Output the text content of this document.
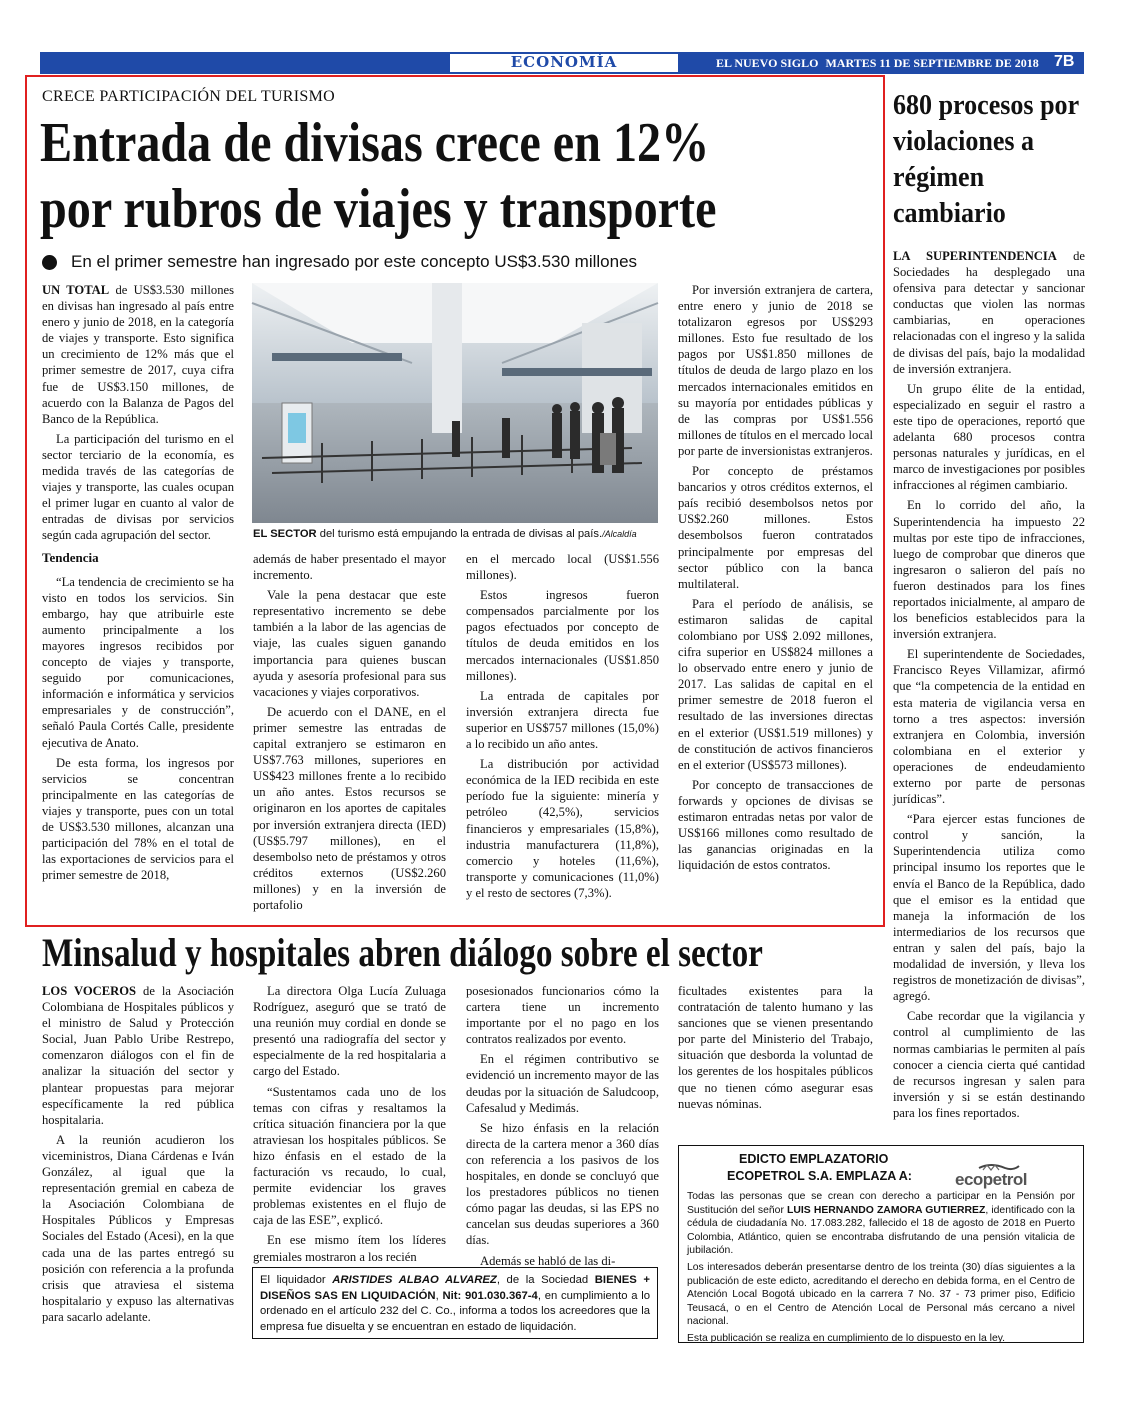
ECONOMÍA	EL NUEVO SIGLO MARTES 11 DE SEPTIEMBRE DE 2018 7B
CRECE PARTICIPACIÓN DEL TURISMO
Entrada de divisas crece en 12%
por rubros de viajes y transporte
En el primer semestre han ingresado por este concepto US$3.530 millones

UN TOTAL de US$3.530 millones en divisas han ingresado al país entre enero y junio de 2018, en la categoría de viajes y transporte. Esto significa un crecimiento de 12% más que el primer semestre de 2017, cuya cifra fue de US$3.150 millones, de acuerdo con la Balanza de Pagos del Banco de la República.

La participación del turismo en el sector terciario de la economía, es medida través de las categorías de viajes y transporte, las cuales ocupan el primer lugar en cuanto al valor de entradas de divisas por servicios según cada agrupación del sector.

Tendencia

“La tendencia de crecimiento se ha visto en todos los servicios. Sin embargo, hay que atribuirle este aumento principalmente a los mayores ingresos recibidos por concepto de viajes y transporte, seguido por comunicaciones, información e informática y servicios empresariales y de construcción”, señaló Paula Cortés Calle, presidente ejecutiva de Anato.

De esta forma, los ingresos por servicios se concentran principalmente en las categorías de viajes y transporte, pues con un total de US$3.530 millones, alcanzan una participación del 78% en el total de las exportaciones de servicios para el primer semestre de 2018,

EL SECTOR del turismo está empujando la entrada de divisas al país./Alcaldía

además de haber presentado el mayor incremento.

Vale la pena destacar que este representativo incremento se debe también a la labor de las agencias de viaje, las cuales siguen ganando importancia para quienes buscan ayuda y asesoría profesional para sus vacaciones y viajes corporativos.

De acuerdo con el DANE, en el primer semestre las entradas de capital extranjero se estimaron en US$7.763 millones, superiores en US$423 millones frente a lo recibido un año antes. Estos recursos se originaron en los aportes de capitales por inversión extranjera directa (IED) (US$5.797 millones), en el desembolso neto de préstamos y otros créditos externos (US$2.260 millones) y en la inversión de portafolio

en el mercado local (US$1.556 millones).

Estos ingresos fueron compensados parcialmente por los pagos efectuados por concepto de títulos de deuda emitidos en los mercados internacionales (US$1.850 millones).

La entrada de capitales por inversión extranjera directa fue superior en US$757 millones (15,0%) a lo recibido un año antes.

La distribución por actividad económica de la IED recibida en este período fue la siguiente: minería y petróleo (42,5%), servicios financieros y empresariales (15,8%), industria manufacturera (11,8%), comercio y hoteles (11,6%), transporte y comunicaciones (11,0%) y el resto de sectores (7,3%).

Por inversión extranjera de cartera, entre enero y junio de 2018 se totalizaron egresos por US$293 millones. Esto fue resultado de los pagos por US$1.850 millones de títulos de deuda de largo plazo en los mercados internacionales emitidos en su mayoría por entidades públicas y de las compras por US$1.556 millones de títulos en el mercado local por parte de inversionistas extranjeros.

Por concepto de préstamos bancarios y otros créditos externos, el país recibió desembolsos netos por US$2.260 millones. Estos desembolsos fueron contratados principalmente por empresas del sector público con la banca multilateral.

Para el período de análisis, se estimaron salidas de capital colombiano por US$ 2.092 millones, cifra superior en US$824 millones a lo observado entre enero y junio de 2017. Las salidas de capital en el primer semestre de 2018 fueron el resultado de las inversiones directas en el exterior (US$1.519 millones) y de constitución de activos financieros en el exterior (US$573 millones).

Por concepto de transacciones de forwards y opciones de divisas se estimaron entradas netas por valor de US$166 millones como resultado de las ganancias originadas en la liquidación de estos contratos.

680 procesos por violaciones a régimen cambiario

LA SUPERINTENDENCIA de Sociedades ha desplegado una ofensiva para detectar y sancionar conductas que violen las normas cambiarias, en operaciones relacionadas con el ingreso y la salida de divisas del país, bajo la modalidad de inversión extranjera.

Un grupo élite de la entidad, especializado en seguir el rastro a este tipo de operaciones, reportó que adelanta 680 procesos contra personas naturales y jurídicas, en el marco de investigaciones por posibles infracciones al régimen cambiario.

En lo corrido del año, la Superintendencia ha impuesto 22 multas por este tipo de infracciones, luego de comprobar que dineros que ingresaron o salieron del país no fueron destinados para los fines reportados inicialmente, al amparo de los beneficios establecidos para la inversión extranjera.

El superintendente de Sociedades, Francisco Reyes Villamizar, afirmó que “la competencia de la entidad en esta materia de vigilancia versa en torno a tres aspectos: inversión extranjera en Colombia, inversión colombiana en el exterior y operaciones de endeudamiento externo por parte de personas jurídicas”.

“Para ejercer estas funciones de control y sanción, la Superintendencia utiliza como principal insumo los reportes que le envía el Banco de la República, dado que el emisor es la entidad que maneja la información de los intermediarios de los recursos que entran y salen del país, bajo la modalidad de inversión, y lleva los registros de monetización de divisas”, agregó.

Cabe recordar que la vigilancia y control al cumplimiento de las normas cambiarias le permiten al país conocer a ciencia cierta qué cantidad de recursos ingresan y salen para inversión y si se están destinando para los fines reportados.

Minsalud y hospitales abren diálogo sobre el sector

LOS VOCEROS de la Asociación Colombiana de Hospitales públicos y el ministro de Salud y Protección Social, Juan Pablo Uribe Restrepo, comenzaron diálogos con el fin de analizar la situación del sector y plantear propuestas para mejorar específicamente la red pública hospitalaria.

A la reunión acudieron los viceministros, Diana Cárdenas e Iván González, al igual que la representación gremial en cabeza de la Asociación Colombiana de Hospitales Públicos y Empresas Sociales del Estado (Acesi), en la que cada una de las partes entregó su posición con referencia a la profunda crisis que atraviesa el sistema hospitalario y expuso las alternativas para sacarlo adelante.

La directora Olga Lucía Zuluaga Rodríguez, aseguró que se trató de una reunión muy cordial en donde se presentó una radiografía del sector y especialmente de la red hospitalaria a cargo del Estado.

“Sustentamos cada uno de los temas con cifras y resaltamos la crítica situación financiera por la que atraviesan los hospitales públicos. Se hizo énfasis en el estado de la facturación vs recaudo, lo cual, permite evidenciar los graves problemas existentes en el flujo de caja de las ESE”, explicó.

En ese mismo ítem los líderes gremiales mostraron a los recién

posesionados funcionarios cómo la cartera tiene un incremento importante por el no pago en los contratos realizados por evento.

En el régimen contributivo se evidenció un incremento mayor de las deudas por la situación de Saludcoop, Cafesalud y Medimás.

Se hizo énfasis en la relación directa de la cartera menor a 360 días con referencia a los pasivos de los hospitales, en donde se concluyó que los prestadores públicos no tienen cómo pagar las deudas, si las EPS no cancelan sus deudas superiores a 360 días.

Además se habló de las di-

ficultades existentes para la contratación de talento humano y las sanciones que se vienen presentando por parte del Ministerio del Trabajo, situación que desborda la voluntad de los gerentes de los hospitales públicos que no tienen cómo asegurar esas nuevas nóminas.

El liquidador ARISTIDES ALBAO ALVAREZ, de la Sociedad BIENES + DISEÑOS SAS EN LIQUIDACIÓN, Nit: 901.030.367-4, en cumplimiento a lo ordenado en el artículo 232 del C. Co., informa a todos los acreedores que la empresa fue disuelta y se encuentran en estado de liquidación.
EDICTO EMPLAZATORIO
ECOPETROL S.A. EMPLAZA A:	ecopetrol

Todas las personas que se crean con derecho a participar en la Pensión por Sustitución del señor LUIS HERNANDO ZAMORA GUTIERREZ, identificado con la cédula de ciudadanía No. 17.083.282, fallecido el 18 de agosto de 2018 en Puerto Colombia, Atlántico, quien se encontraba disfrutando de una pensión vitalicia de jubilación.

Los interesados deberán presentarse dentro de los treinta (30) días siguientes a la publicación de este edicto, acreditando el derecho en debida forma, en el Centro de Atención Local Bogotá ubicado en la carrera 7 No. 37 - 73 primer piso, Edificio Teusacá, o en el Centro de Atención Local de Personal más cercano a nivel nacional.

Esta publicación se realiza en cumplimiento de lo dispuesto en la ley.
